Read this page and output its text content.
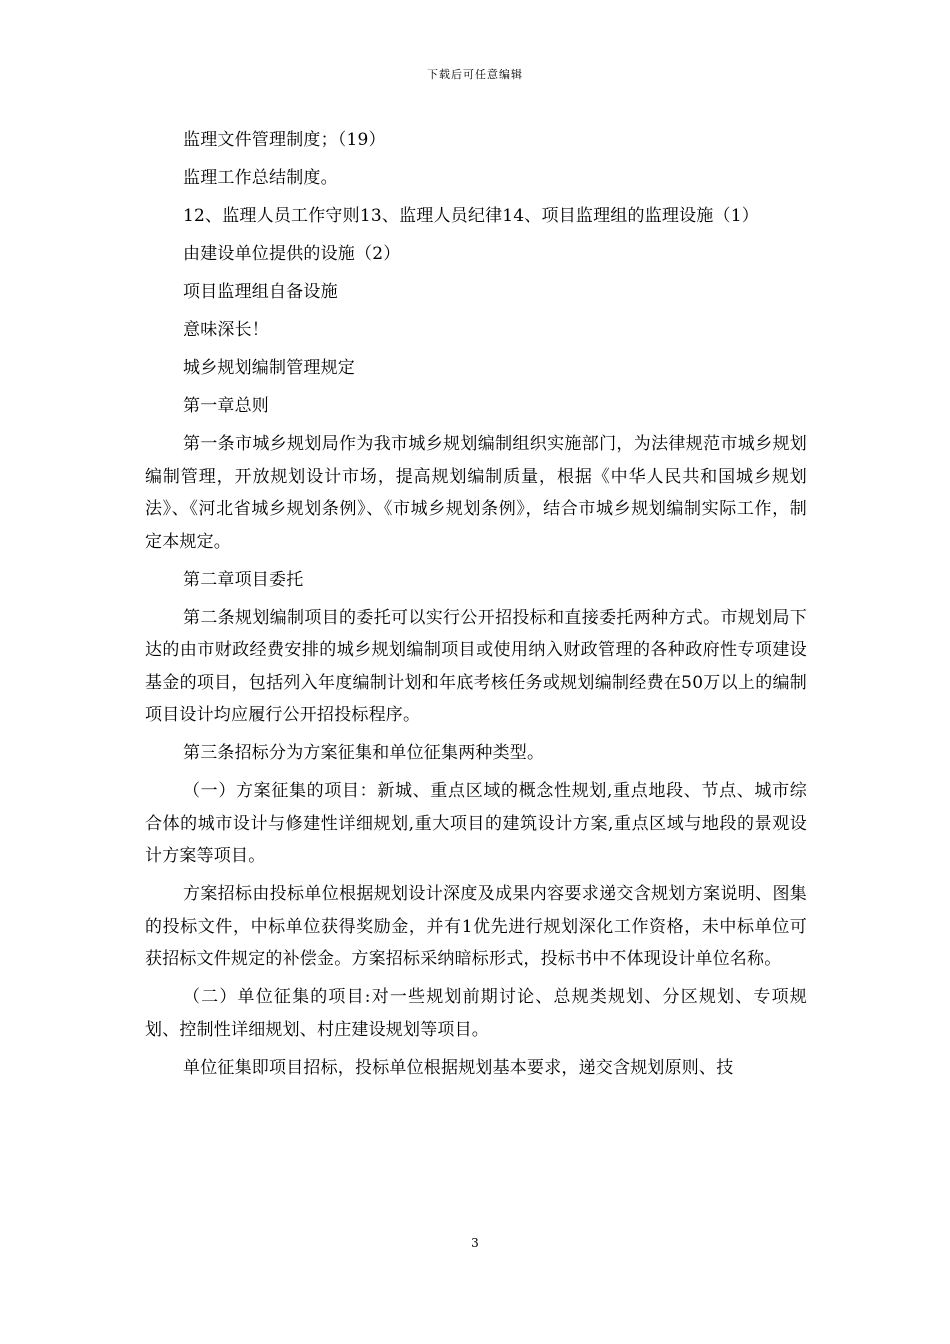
下载后可任意编辑

监理文件管理制度；（19）

监理工作总结制度。

12、监理人员工作守则13、监理人员纪律14、项目监理组的监理设施（1）

由建设单位提供的设施（2）

项目监理组自备设施

意味深长！

城乡规划编制管理规定

第一章总则

第一条市城乡规划局作为我市城乡规划编制组织实施部门，为法律规范市城乡规划编制管理，开放规划设计市场，提高规划编制质量，根据《中华人民共和国城乡规划法》、《河北省城乡规划条例》、《市城乡规划条例》，结合市城乡规划编制实际工作，制定本规定。

第二章项目委托

第二条规划编制项目的委托可以实行公开招投标和直接委托两种方式。市规划局下达的由市财政经费安排的城乡规划编制项目或使用纳入财政管理的各种政府性专项建设基金的项目，包括列入年度编制计划和年底考核任务或规划编制经费在50万以上的编制项目设计均应履行公开招投标程序。

第三条招标分为方案征集和单位征集两种类型。

（一）方案征集的项目：新城、重点区域的概念性规划,重点地段、节点、城市综合体的城市设计与修建性详细规划,重大项目的建筑设计方案,重点区域与地段的景观设计方案等项目。

方案招标由投标单位根据规划设计深度及成果内容要求递交含规划方案说明、图集的投标文件，中标单位获得奖励金，并有1优先进行规划深化工作资格，未中标单位可获招标文件规定的补偿金。方案招标采纳暗标形式，投标书中不体现设计单位名称。

（二）单位征集的项目:对一些规划前期讨论、总规类规划、分区规划、专项规划、控制性详细规划、村庄建设规划等项目。

单位征集即项目招标，投标单位根据规划基本要求，递交含规划原则、技

3
